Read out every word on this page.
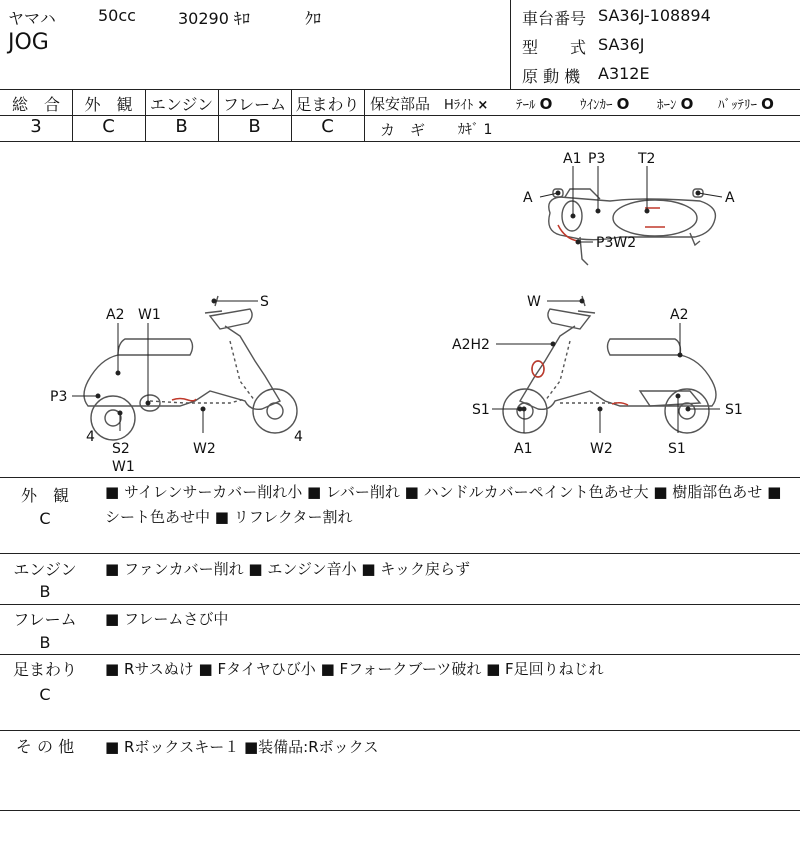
ヤマハ	50cc	30290 ｷﾛ	ｸﾛ
JOG
車台番号 SA36J-108894
型　　式 SA36J
原 動 機 A312E
総　合	外　観	エンジン フレーム 足まわり
3	C	B	B	C
保安部品 Hﾗｲﾄ × ﾃｰﾙ O ｳｲﾝｶｰ O ﾎｰﾝ O ﾊﾞｯﾃﾘｰ O
カ　ギ ｶｷﾞ 1
A1 P3 T2
A	A
P3W2
A2 W1
S
P3
4
S2
W1
W2
4
W
A2
A2H2
S1	S1
A1	W2	S1
外　観
C
■ サイレンサーカバー削れ小 ■ レバー削れ ■ ハンドルカバーペイント色あせ大 ■ 樹脂部色あせ ■ シート色あせ中 ■ リフレクター割れ
エンジン
B
■ ファンカバー削れ ■ エンジン音小 ■ キック戻らず
フレーム
B
■ フレームさび中
足まわり
C
■ Rサスぬけ ■ Fタイヤひび小 ■ Fフォークブーツ破れ ■ F足回りねじれ
そ の 他	■ Rボックスキー１ ■装備品:Rボックス
